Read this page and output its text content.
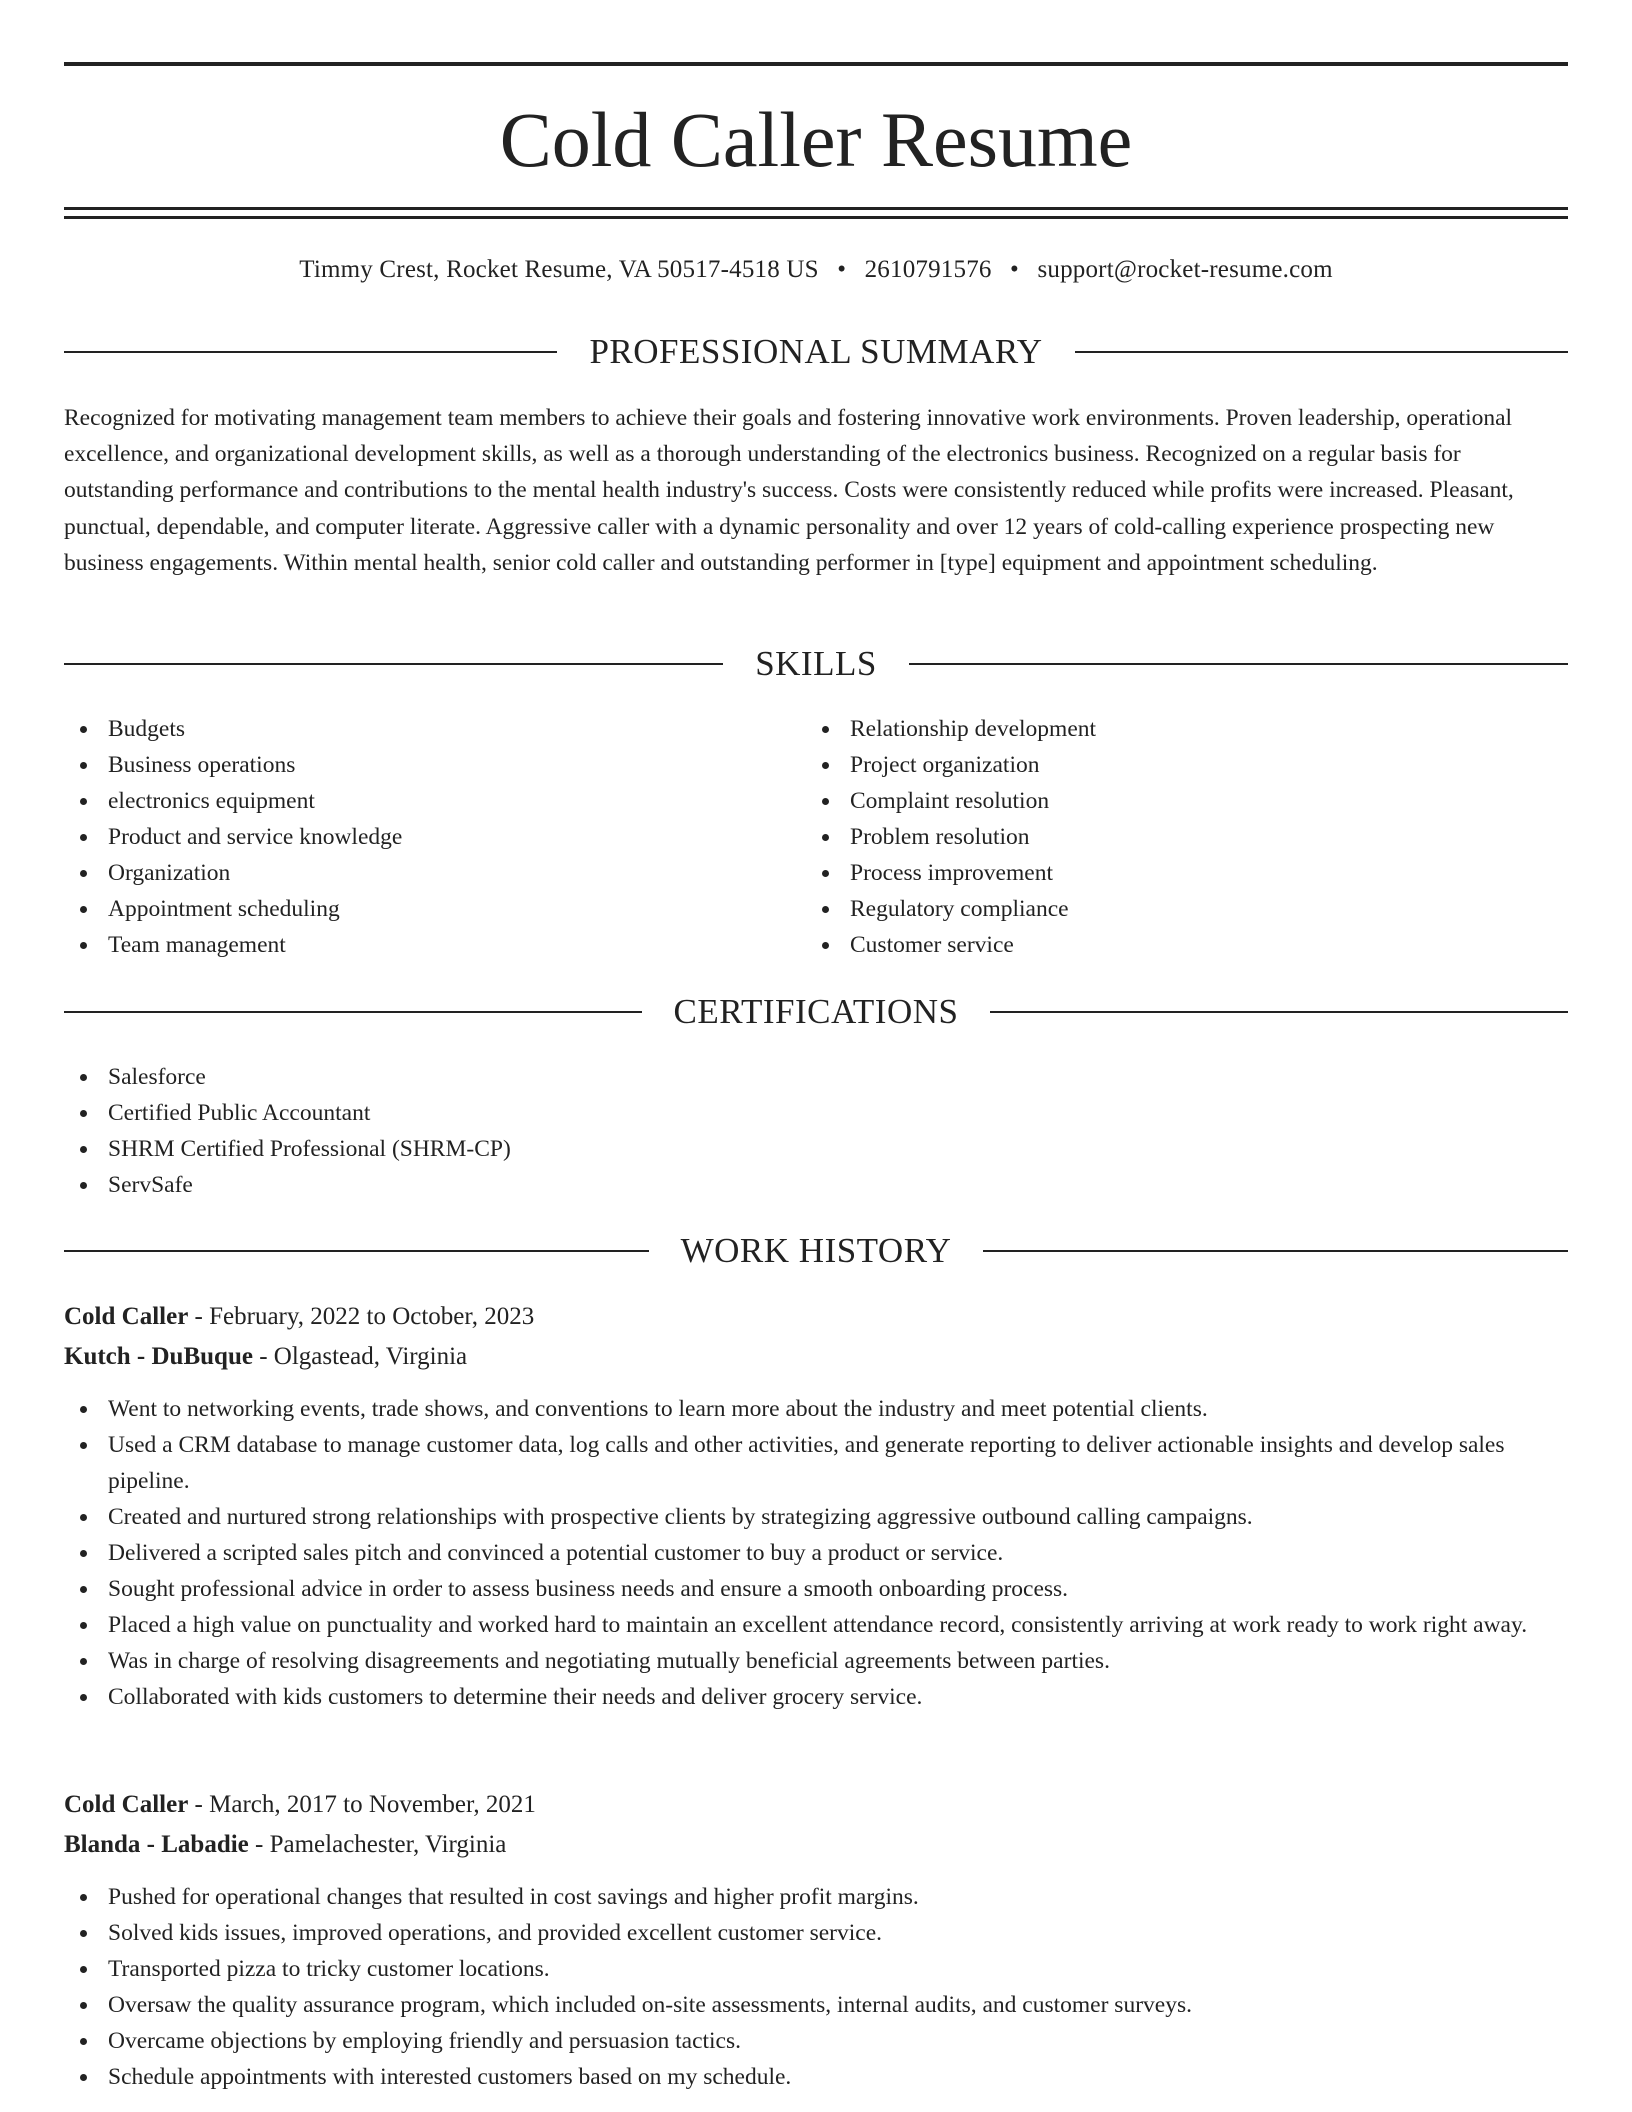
Cold Caller Resume
Timmy Crest, Rocket Resume, VA 50517-4518 US • 2610791576 • support@rocket-resume.com
PROFESSIONAL SUMMARY

Recognized for motivating management team members to achieve their goals and fostering innovative work environments. Proven leadership, operational excellence, and organizational development skills, as well as a thorough understanding of the electronics business. Recognized on a regular basis for outstanding performance and contributions to the mental health industry's success. Costs were consistently reduced while profits were increased. Pleasant, punctual, dependable, and computer literate. Aggressive caller with a dynamic personality and over 12 years of cold-calling experience prospecting new business engagements. Within mental health, senior cold caller and outstanding performer in [type] equipment and appointment scheduling.

SKILLS
Budgets
Business operations
electronics equipment
Product and service knowledge
Organization
Appointment scheduling
Team management
Relationship development
Project organization
Complaint resolution
Problem resolution
Process improvement
Regulatory compliance
Customer service
CERTIFICATIONS
Salesforce
Certified Public Accountant
SHRM Certified Professional (SHRM-CP)
ServSafe
WORK HISTORY
Cold Caller - February, 2022 to October, 2023
Kutch - DuBuque - Olgastead, Virginia
Went to networking events, trade shows, and conventions to learn more about the industry and meet potential clients.
Used a CRM database to manage customer data, log calls and other activities, and generate reporting to deliver actionable insights and develop sales pipeline.
Created and nurtured strong relationships with prospective clients by strategizing aggressive outbound calling campaigns.
Delivered a scripted sales pitch and convinced a potential customer to buy a product or service.
Sought professional advice in order to assess business needs and ensure a smooth onboarding process.
Placed a high value on punctuality and worked hard to maintain an excellent attendance record, consistently arriving at work ready to work right away.
Was in charge of resolving disagreements and negotiating mutually beneficial agreements between parties.
Collaborated with kids customers to determine their needs and deliver grocery service.
Cold Caller - March, 2017 to November, 2021
Blanda - Labadie - Pamelachester, Virginia
Pushed for operational changes that resulted in cost savings and higher profit margins.
Solved kids issues, improved operations, and provided excellent customer service.
Transported pizza to tricky customer locations.
Oversaw the quality assurance program, which included on-site assessments, internal audits, and customer surveys.
Overcame objections by employing friendly and persuasion tactics.
Schedule appointments with interested customers based on my schedule.
